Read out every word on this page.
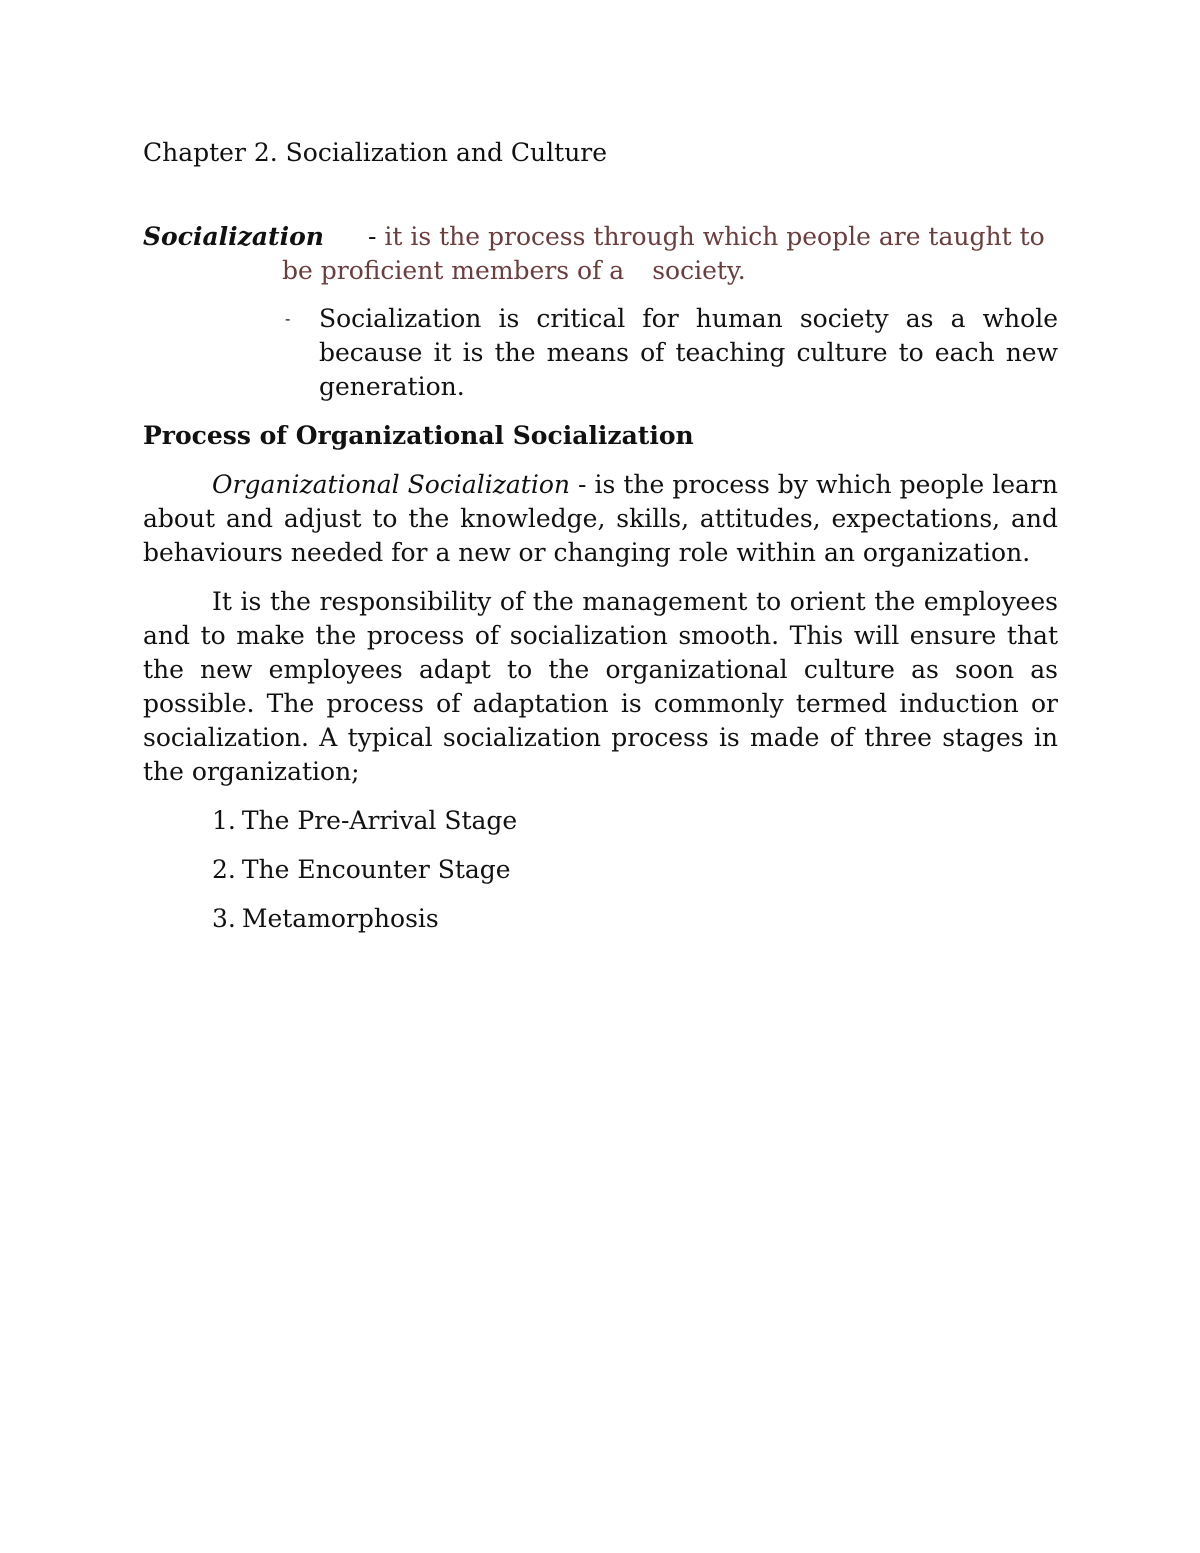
Chapter 2. Socialization and Culture
Socialization - it is the process through which people are taught to
be proficient members of a society.
- Socialization is critical for human society as a whole because it is the means of teaching culture to each new generation.
Process of Organizational Socialization

Organizational Socialization - is the process by which people learn about and adjust to the knowledge, skills, attitudes, expectations, and behaviours needed for a new or changing role within an organization.

It is the responsibility of the management to orient the employees and to make the process of socialization smooth. This will ensure that the new employees adapt to the organizational culture as soon as possible. The process of adaptation is commonly termed induction or socialization. A typical socialization process is made of three stages in the organization;

1. The Pre-Arrival Stage
2. The Encounter Stage
3. Metamorphosis
